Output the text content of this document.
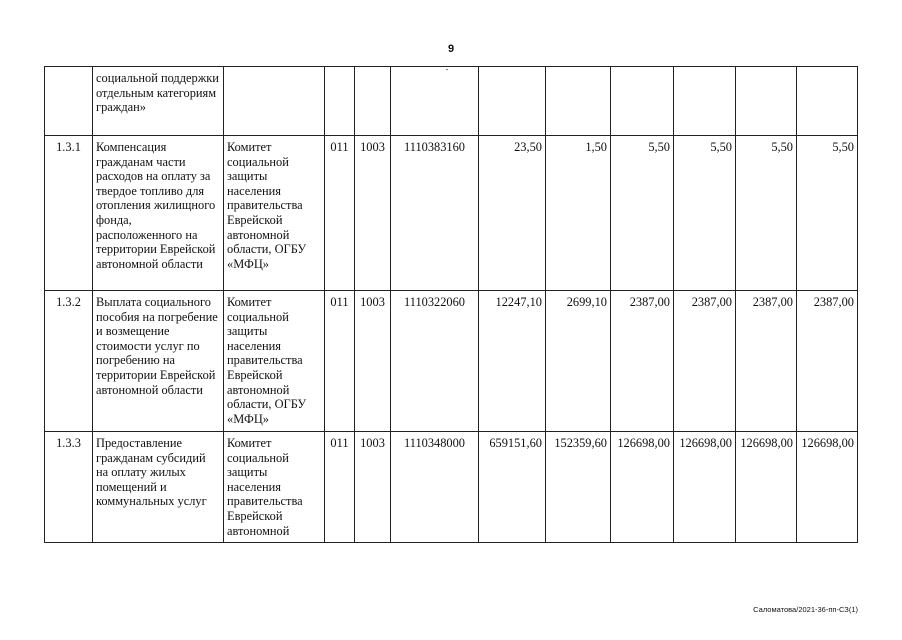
9
	социальной поддержки отдельным категориям граждан»										
1.3.1	Компенсация гражданам части расходов на оплату за твердое топливо для отопления жилищного фонда, расположенного на территории Еврейской автономной области	Комитет социальной защиты населения правительства Еврейской автономной области, ОГБУ «МФЦ»	011	1003	1110383160	23,50	1,50	5,50	5,50	5,50	5,50
1.3.2	Выплата социального пособия на погребение и возмещение стоимости услуг по погребению на территории Еврейской автономной области	Комитет социальной защиты населения правительства Еврейской автономной области, ОГБУ «МФЦ»	011	1003	1110322060	12247,10	2699,10	2387,00	2387,00	2387,00	2387,00
1.3.3	Предоставление гражданам субсидий на оплату жилых помещений и коммунальных услуг	Комитет социальной защиты населения правительства Еврейской автономной	011	1003	1110348000	659151,60	152359,60	126698,00	126698,00	126698,00	126698,00
Саломатова/2021-36-пп-СЗ(1)
